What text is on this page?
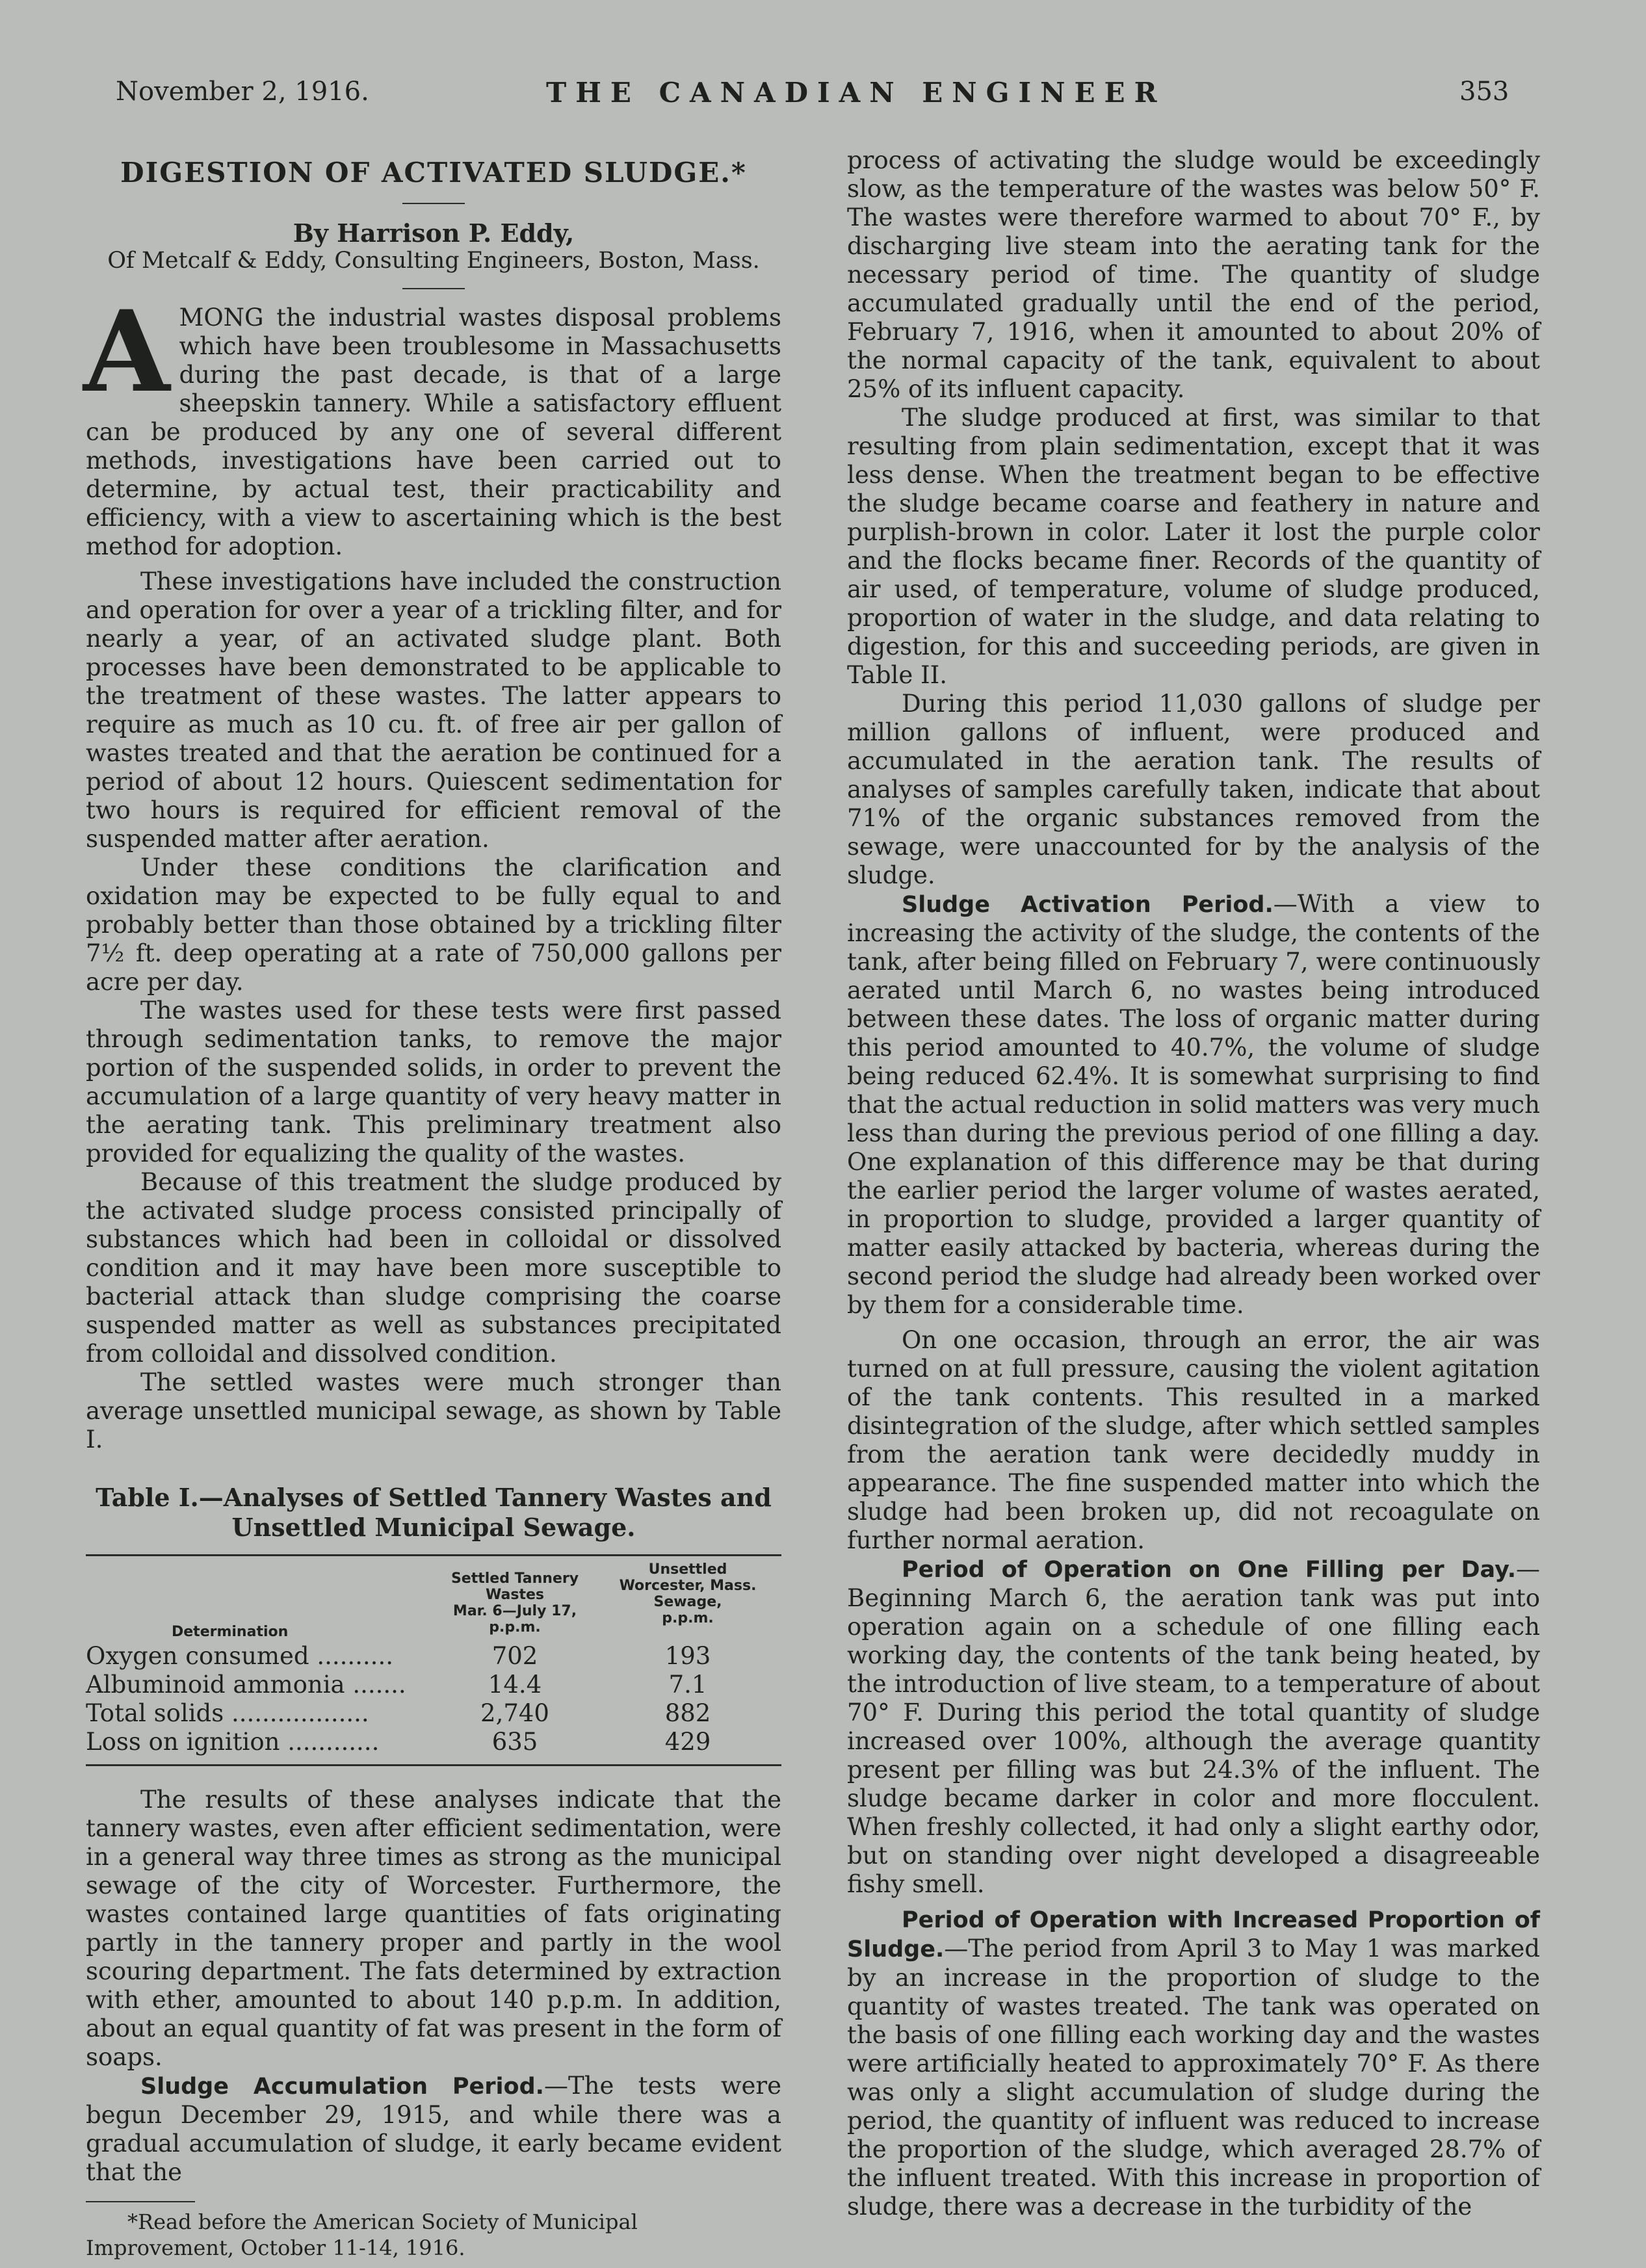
November 2, 1916.	THE CANADIAN ENGINEER	353
DIGESTION OF ACTIVATED SLUDGE.*
By Harrison P. Eddy,
Of Metcalf & Eddy, Consulting Engineers, Boston, Mass.

AMONG the industrial wastes disposal problems which have been troublesome in Massachusetts during the past decade, is that of a large sheepskin tannery. While a satisfactory effluent can be produced by any one of several different methods, investigations have been carried out to determine, by actual test, their practicability and efficiency, with a view to ascertaining which is the best method for adoption.

These investigations have included the construction and operation for over a year of a trickling filter, and for nearly a year, of an activated sludge plant. Both processes have been demonstrated to be applicable to the treatment of these wastes. The latter appears to require as much as 10 cu. ft. of free air per gallon of wastes treated and that the aeration be continued for a period of about 12 hours. Quiescent sedimentation for two hours is required for efficient removal of the suspended matter after aeration.

Under these conditions the clarification and oxidation may be expected to be fully equal to and probably better than those obtained by a trickling filter 7½ ft. deep operating at a rate of 750,000 gallons per acre per day.

The wastes used for these tests were first passed through sedimentation tanks, to remove the major portion of the suspended solids, in order to prevent the accumulation of a large quantity of very heavy matter in the aerating tank. This preliminary treatment also provided for equalizing the quality of the wastes.

Because of this treatment the sludge produced by the activated sludge process consisted principally of substances which had been in colloidal or dissolved condition and it may have been more susceptible to bacterial attack than sludge comprising the coarse suspended matter as well as substances precipitated from colloidal and dissolved condition.

The settled wastes were much stronger than average unsettled municipal sewage, as shown by Table I.

Table I.—Analyses of Settled Tannery Wastes and
Unsettled Municipal Sewage.
Determination
Settled Tannery
Wastes
Mar. 6—July 17,
p.p.m.
Unsettled
Worcester, Mass.
Sewage,
p.p.m.
Oxygen consumed ..........	702	193
Albuminoid ammonia .......	14.4	7.1
Total solids ..................	2,740	882
Loss on ignition ............	635	429

The results of these analyses indicate that the tannery wastes, even after efficient sedimentation, were in a general way three times as strong as the municipal sewage of the city of Worcester. Furthermore, the wastes contained large quantities of fats originating partly in the tannery proper and partly in the wool scouring department. The fats determined by extraction with ether, amounted to about 140 p.p.m. In addition, about an equal quantity of fat was present in the form of soaps.

Sludge Accumulation Period.—The tests were begun December 29, 1915, and while there was a gradual accumulation of sludge, it early became evident that the

*Read before the American Society of Municipal Improvement, October 11-14, 1916.

process of activating the sludge would be exceedingly slow, as the temperature of the wastes was below 50° F. The wastes were therefore warmed to about 70° F., by discharging live steam into the aerating tank for the necessary period of time. The quantity of sludge accumulated gradually until the end of the period, February 7, 1916, when it amounted to about 20% of the normal capacity of the tank, equivalent to about 25% of its influent capacity.

The sludge produced at first, was similar to that resulting from plain sedimentation, except that it was less dense. When the treatment began to be effective the sludge became coarse and feathery in nature and purplish-brown in color. Later it lost the purple color and the flocks became finer. Records of the quantity of air used, of temperature, volume of sludge produced, proportion of water in the sludge, and data relating to digestion, for this and succeeding periods, are given in Table II.

During this period 11,030 gallons of sludge per million gallons of influent, were produced and accumulated in the aeration tank. The results of analyses of samples carefully taken, indicate that about 71% of the organic substances removed from the sewage, were unaccounted for by the analysis of the sludge.

Sludge Activation Period.—With a view to increasing the activity of the sludge, the contents of the tank, after being filled on February 7, were continuously aerated until March 6, no wastes being introduced between these dates. The loss of organic matter during this period amounted to 40.7%, the volume of sludge being reduced 62.4%. It is somewhat surprising to find that the actual reduction in solid matters was very much less than during the previous period of one filling a day. One explanation of this difference may be that during the earlier period the larger volume of wastes aerated, in proportion to sludge, provided a larger quantity of matter easily attacked by bacteria, whereas during the second period the sludge had already been worked over by them for a considerable time.

On one occasion, through an error, the air was turned on at full pressure, causing the violent agitation of the tank contents. This resulted in a marked disintegration of the sludge, after which settled samples from the aeration tank were decidedly muddy in appearance. The fine suspended matter into which the sludge had been broken up, did not recoagulate on further normal aeration.

Period of Operation on One Filling per Day.—Beginning March 6, the aeration tank was put into operation again on a schedule of one filling each working day, the contents of the tank being heated, by the introduction of live steam, to a temperature of about 70° F. During this period the total quantity of sludge increased over 100%, although the average quantity present per filling was but 24.3% of the influent. The sludge became darker in color and more flocculent. When freshly collected, it had only a slight earthy odor, but on standing over night developed a disagreeable fishy smell.

Period of Operation with Increased Proportion of Sludge.—The period from April 3 to May 1 was marked by an increase in the proportion of sludge to the quantity of wastes treated. The tank was operated on the basis of one filling each working day and the wastes were artificially heated to approximately 70° F. As there was only a slight accumulation of sludge during the period, the quantity of influent was reduced to increase the proportion of the sludge, which averaged 28.7% of the influent treated. With this increase in proportion of sludge, there was a decrease in the turbidity of the
